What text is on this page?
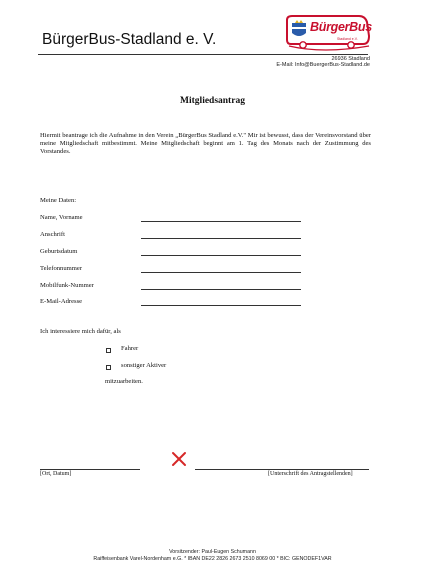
BürgerBus-Stadland e. V.
BürgerBus
Stadland e.V.
26936 Stadland
E-Mail: Info@BuergerBus-Stadland.de
Mitgliedsantrag
Hiermit beantrage ich die Aufnahme in den Verein „BürgerBus Stadland e.V." Mir ist bewusst, dass der Vereinsvorstand über meine Mitgliedschaft mitbestimmt. Meine Mitgliedschaft beginnt am 1. Tag des Monats nach der Zustimmung des Vorstandes.
Meine Daten:
Name, Vorname
Anschrift
Geburtsdatum
Telefonnummer
Mobilfunk-Nummer
E-Mail-Adresse
Ich interessiere mich dafür, als
Fahrer
sonstiger Aktiver
mitzuarbeiten.
[Ort, Datum]	[Unterschrift des Antragstellenden]
Vorsitzender: Paul-Eugen Schumann
Raiffeisenbank Varel-Nordenham e.G. * IBAN DE22 2826 2673 2510 8069 00 * BIC: GENODEF1VAR
